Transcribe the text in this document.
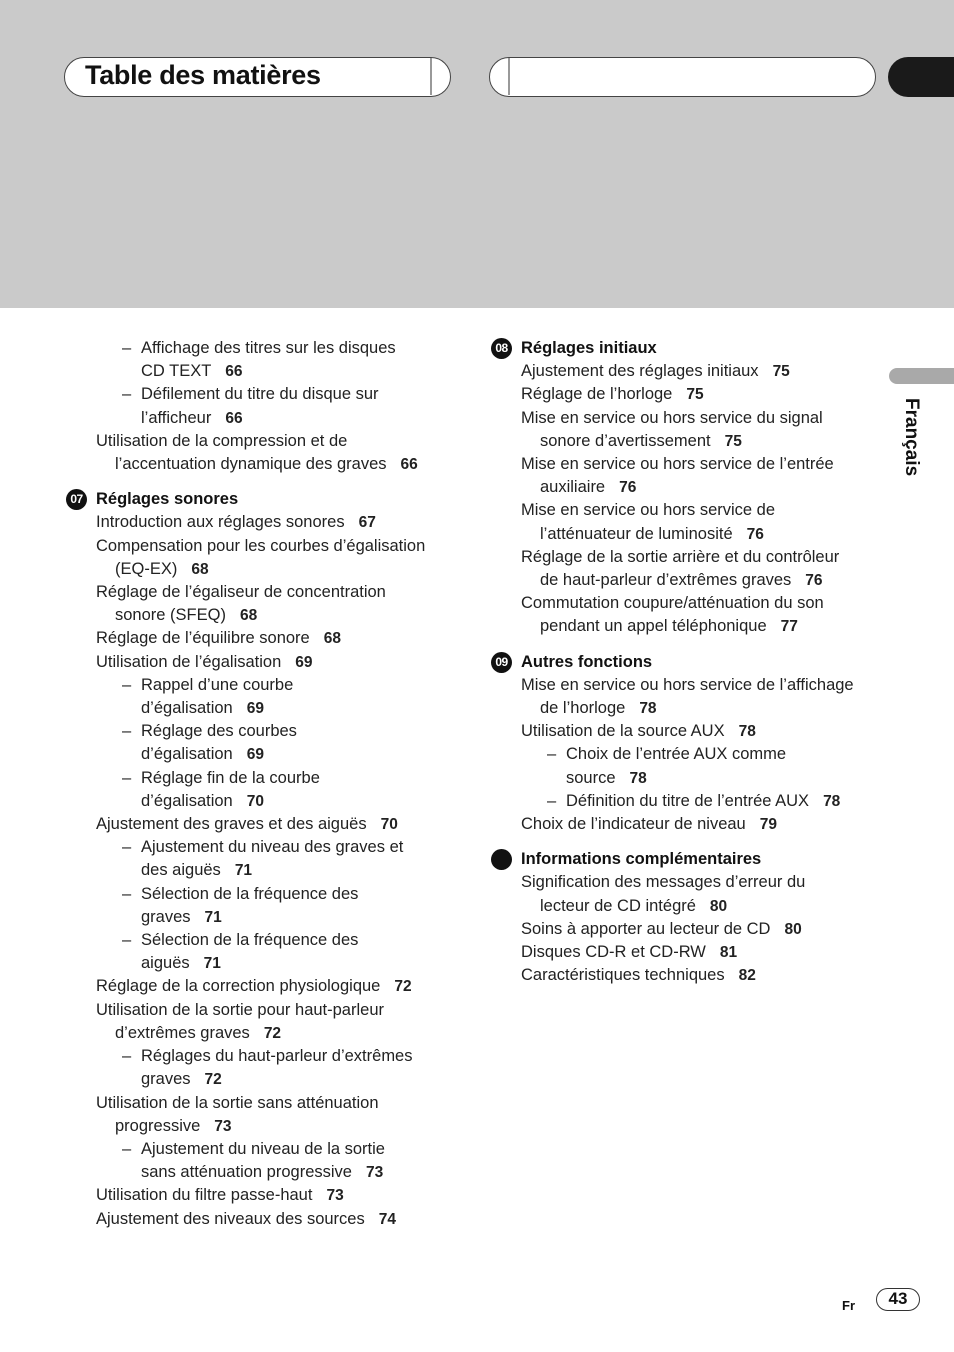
Table des matières
Français
– Affichage des titres sur les disques
CD TEXT 66
– Défilement du titre du disque sur
l’afficheur 66
Utilisation de la compression et de
l’accentuation dynamique des graves 66
07 Réglages sonores
Introduction aux réglages sonores 67
Compensation pour les courbes d’égalisation
(EQ-EX) 68
Réglage de l’égaliseur de concentration
sonore (SFEQ) 68
Réglage de l’équilibre sonore 68
Utilisation de l’égalisation 69
– Rappel d’une courbe
d’égalisation 69
– Réglage des courbes
d’égalisation 69
– Réglage fin de la courbe
d’égalisation 70
Ajustement des graves et des aiguës 70
– Ajustement du niveau des graves et
des aiguës 71
– Sélection de la fréquence des
graves 71
– Sélection de la fréquence des
aiguës 71
Réglage de la correction physiologique 72
Utilisation de la sortie pour haut-parleur
d’extrêmes graves 72
– Réglages du haut-parleur d’extrêmes
graves 72
Utilisation de la sortie sans atténuation
progressive 73
– Ajustement du niveau de la sortie
sans atténuation progressive 73
Utilisation du filtre passe-haut 73
Ajustement des niveaux des sources 74
08 Réglages initiaux
Ajustement des réglages initiaux 75
Réglage de l’horloge 75
Mise en service ou hors service du signal
sonore d’avertissement 75
Mise en service ou hors service de l’entrée
auxiliaire 76
Mise en service ou hors service de
l’atténuateur de luminosité 76
Réglage de la sortie arrière et du contrôleur
de haut-parleur d’extrêmes graves 76
Commutation coupure/atténuation du son
pendant un appel téléphonique 77
09 Autres fonctions
Mise en service ou hors service de l’affichage
de l’horloge 78
Utilisation de la source AUX 78
– Choix de l’entrée AUX comme
source 78
– Définition du titre de l’entrée AUX 78
Choix de l’indicateur de niveau 79
Informations complémentaires
Signification des messages d’erreur du
lecteur de CD intégré 80
Soins à apporter au lecteur de CD 80
Disques CD-R et CD-RW 81
Caractéristiques techniques 82
Fr	43
